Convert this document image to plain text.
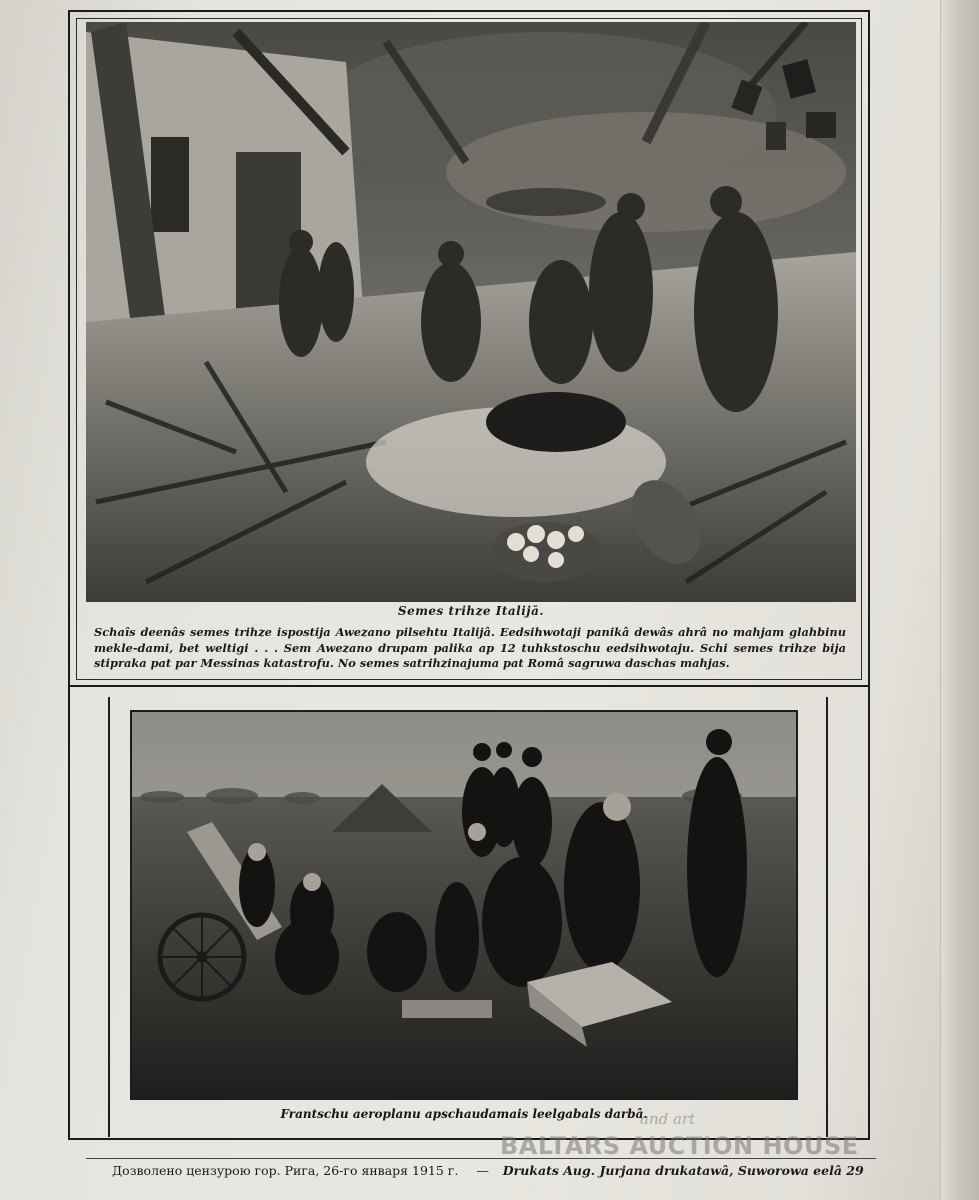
Semes trihze Italijā.
Schaîs deenâs semes trihze ispostija Awezano pilsehtu Italijâ. Eedsihwotaji panikâ dewâs ahrâ no mahjam glahbinu mekle-dami, bet weltigi . . . Sem Awezano drupam palika ap 12 tuhkstoschu eedsihwotaju. Schi semes trihze bija stipraka pat par Messinas katastrofu. No semes satrihzinajuma pat Româ sagruwa daschas mahjas.
Frantschu aeroplanu apschaudamais leelgabals darbâ.
and art
BALTARS AUCTION HOUSE
Дозволено цензурою гор. Рига, 26-го января 1915 г. — Drukats Aug. Jurjana drukatawâ, Suworowa eelâ 29
